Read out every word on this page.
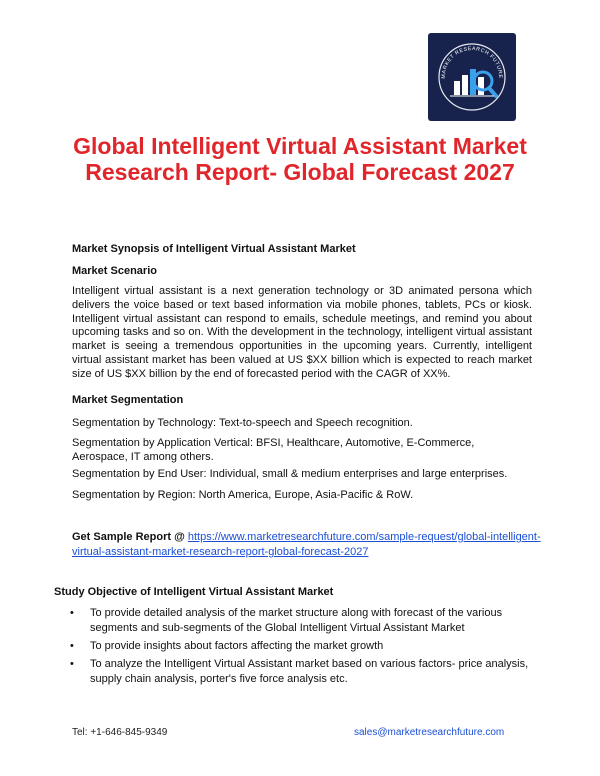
MARKET RESEARCH FUTURE
Global Intelligent Virtual Assistant Market Research Report- Global Forecast 2027

Market Synopsis of Intelligent Virtual Assistant Market

Market Scenario

Intelligent virtual assistant is a next generation technology or 3D animated persona which delivers the voice based or text based information via mobile phones, tablets, PCs or kiosk. Intelligent virtual assistant can respond to emails, schedule meetings, and remind you about upcoming tasks and so on. With the development in the technology, intelligent virtual assistant market is seeing a tremendous opportunities in the upcoming years. Currently, intelligent virtual assistant market has been valued at US $XX billion which is expected to reach market size of US $XX billion by the end of forecasted period with the CAGR of XX%.

Market Segmentation

Segmentation by Technology: Text-to-speech and Speech recognition.

Segmentation by Application Vertical: BFSI, Healthcare, Automotive, E-Commerce, Aerospace, IT among others.

Segmentation by End User: Individual, small & medium enterprises and large enterprises.

Segmentation by Region: North America, Europe, Asia-Pacific & RoW.

Get Sample Report @ https://www.marketresearchfuture.com/sample-request/global-intelligent-virtual-assistant-market-research-report-global-forecast-2027

Study Objective of Intelligent Virtual Assistant Market

• To provide detailed analysis of the market structure along with forecast of the various segments and sub-segments of the Global Intelligent Virtual Assistant Market
• To provide insights about factors affecting the market growth
• To analyze the Intelligent Virtual Assistant market based on various factors- price analysis, supply chain analysis, porter's five force analysis etc.
Tel: +1-646-845-9349	sales@marketresearchfuture.com
